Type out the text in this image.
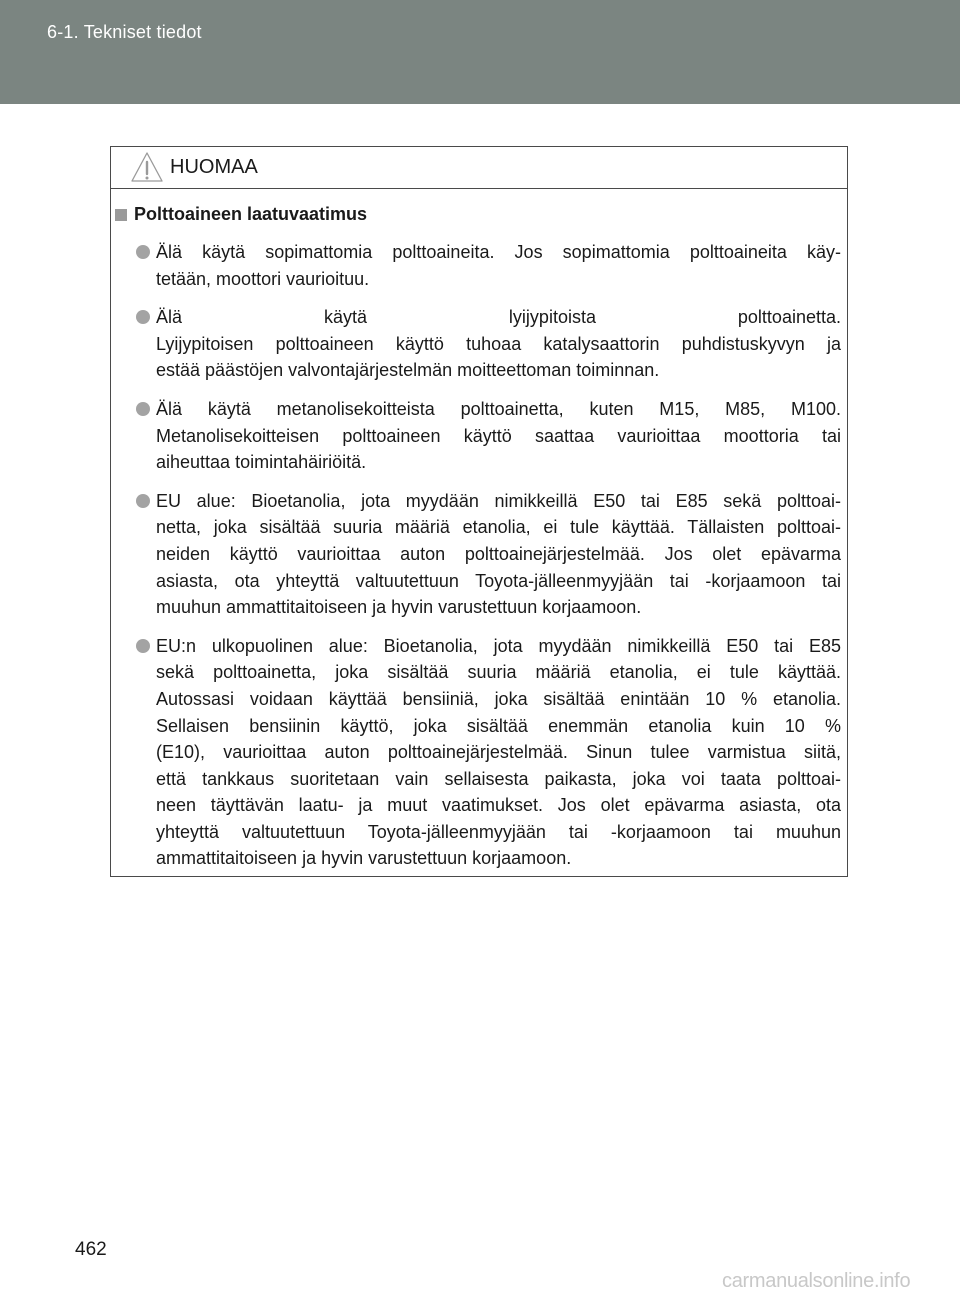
6-1. Tekniset tiedot
HUOMAA
Polttoaineen laatuvaatimus
Älä käytä sopimattomia polttoaineita. Jos sopimattomia polttoaineita käy-
tetään, moottori vaurioituu.
Älä käytä lyijypitoista polttoainetta.
Lyijypitoisen polttoaineen käyttö tuhoaa katalysaattorin puhdistuskyvyn ja
estää päästöjen valvontajärjestelmän moitteettoman toiminnan.
Älä käytä metanolisekoitteista polttoainetta, kuten M15, M85, M100.
Metanolisekoitteisen polttoaineen käyttö saattaa vaurioittaa moottoria tai
aiheuttaa toimintahäiriöitä.
EU alue: Bioetanolia, jota myydään nimikkeillä E50 tai E85 sekä polttoai-
netta, joka sisältää suuria määriä etanolia, ei tule käyttää. Tällaisten polttoai-
neiden käyttö vaurioittaa auton polttoainejärjestelmää. Jos olet epävarma
asiasta, ota yhteyttä valtuutettuun Toyota-jälleenmyyjään tai -korjaamoon tai
muuhun ammattitaitoiseen ja hyvin varustettuun korjaamoon.
EU:n ulkopuolinen alue: Bioetanolia, jota myydään nimikkeillä E50 tai E85
sekä polttoainetta, joka sisältää suuria määriä etanolia, ei tule käyttää.
Autossasi voidaan käyttää bensiiniä, joka sisältää enintään 10 % etanolia.
Sellaisen bensiinin käyttö, joka sisältää enemmän etanolia kuin 10 %
(E10), vaurioittaa auton polttoainejärjestelmää. Sinun tulee varmistua siitä,
että tankkaus suoritetaan vain sellaisesta paikasta, joka voi taata polttoai-
neen täyttävän laatu- ja muut vaatimukset. Jos olet epävarma asiasta, ota
yhteyttä valtuutettuun Toyota-jälleenmyyjään tai -korjaamoon tai muuhun
ammattitaitoiseen ja hyvin varustettuun korjaamoon.
462
carmanualsonline.info
